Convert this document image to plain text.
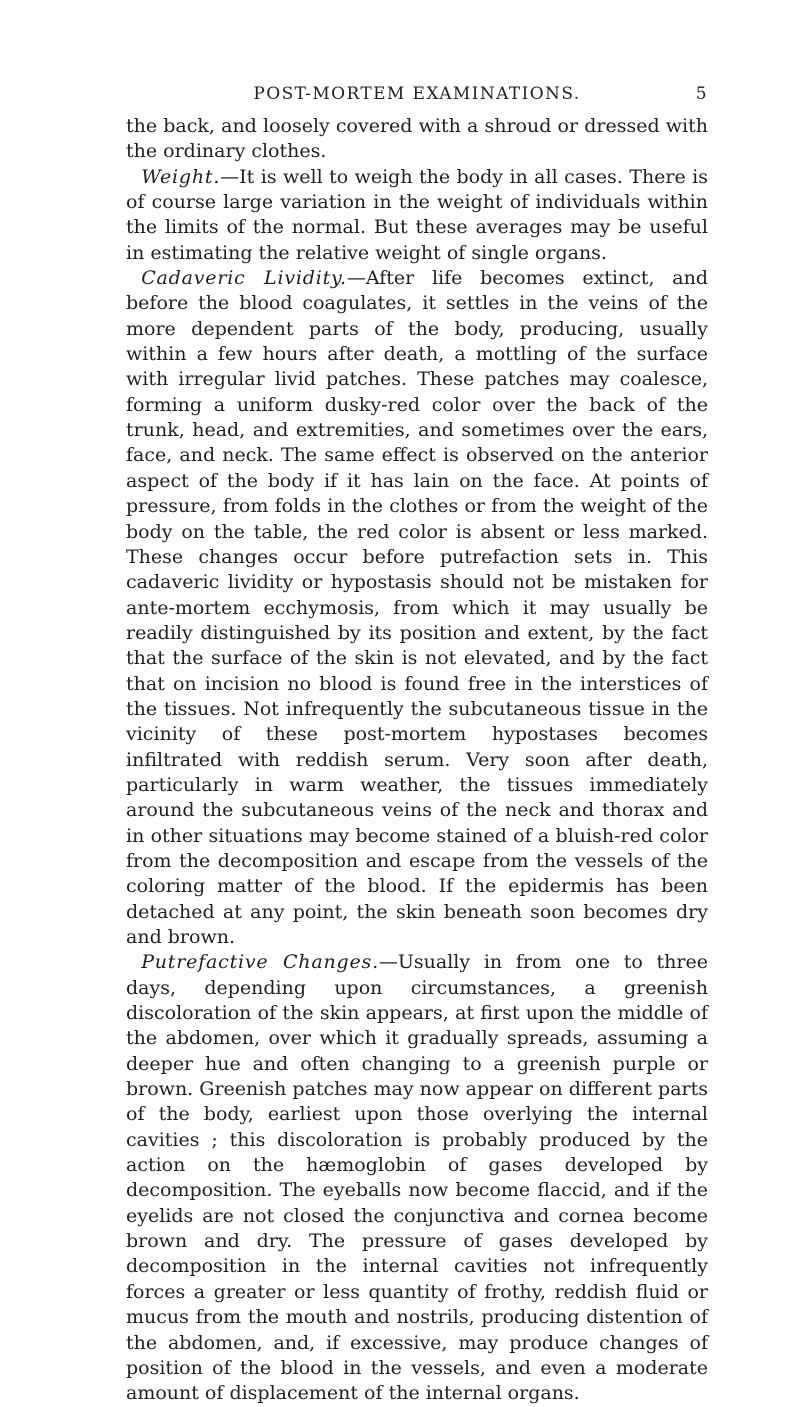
POST-MORTEM EXAMINATIONS.	5

the back, and loosely covered with a shroud or dressed with the ordinary clothes.

Weight.—It is well to weigh the body in all cases. There is of course large variation in the weight of individuals within the limits of the normal. But these averages may be useful in estimating the relative weight of single organs.

Cadaveric Lividity.—After life becomes extinct, and before the blood coagulates, it settles in the veins of the more dependent parts of the body, producing, usually within a few hours after death, a mottling of the surface with irregular livid patches. These patches may coalesce, forming a uniform dusky-red color over the back of the trunk, head, and extremities, and sometimes over the ears, face, and neck. The same effect is observed on the anterior aspect of the body if it has lain on the face. At points of pressure, from folds in the clothes or from the weight of the body on the table, the red color is absent or less marked. These changes occur before putrefaction sets in. This cadaveric lividity or hypostasis should not be mistaken for ante-mortem ecchymosis, from which it may usually be readily distinguished by its position and extent, by the fact that the surface of the skin is not elevated, and by the fact that on incision no blood is found free in the interstices of the tissues. Not infrequently the subcutaneous tissue in the vicinity of these post-mortem hypostases becomes infiltrated with reddish serum. Very soon after death, particularly in warm weather, the tissues immediately around the subcutaneous veins of the neck and thorax and in other situations may become stained of a bluish-red color from the decomposition and escape from the vessels of the coloring matter of the blood. If the epidermis has been detached at any point, the skin beneath soon becomes dry and brown.

Putrefactive Changes.—Usually in from one to three days, depending upon circumstances, a greenish discoloration of the skin appears, at first upon the middle of the abdomen, over which it gradually spreads, assuming a deeper hue and often changing to a greenish purple or brown. Greenish patches may now appear on different parts of the body, earliest upon those overlying the internal cavities ; this discoloration is probably produced by the action on the hæmoglobin of gases developed by decomposition. The eyeballs now become flaccid, and if the eyelids are not closed the conjunctiva and cornea become brown and dry. The pressure of gases developed by decomposition in the internal cavities not infrequently forces a greater or less quantity of frothy, reddish fluid or mucus from the mouth and nostrils, producing distention of the abdomen, and, if excessive, may produce changes of position of the blood in the vessels, and even a moderate amount of displacement of the internal organs.
